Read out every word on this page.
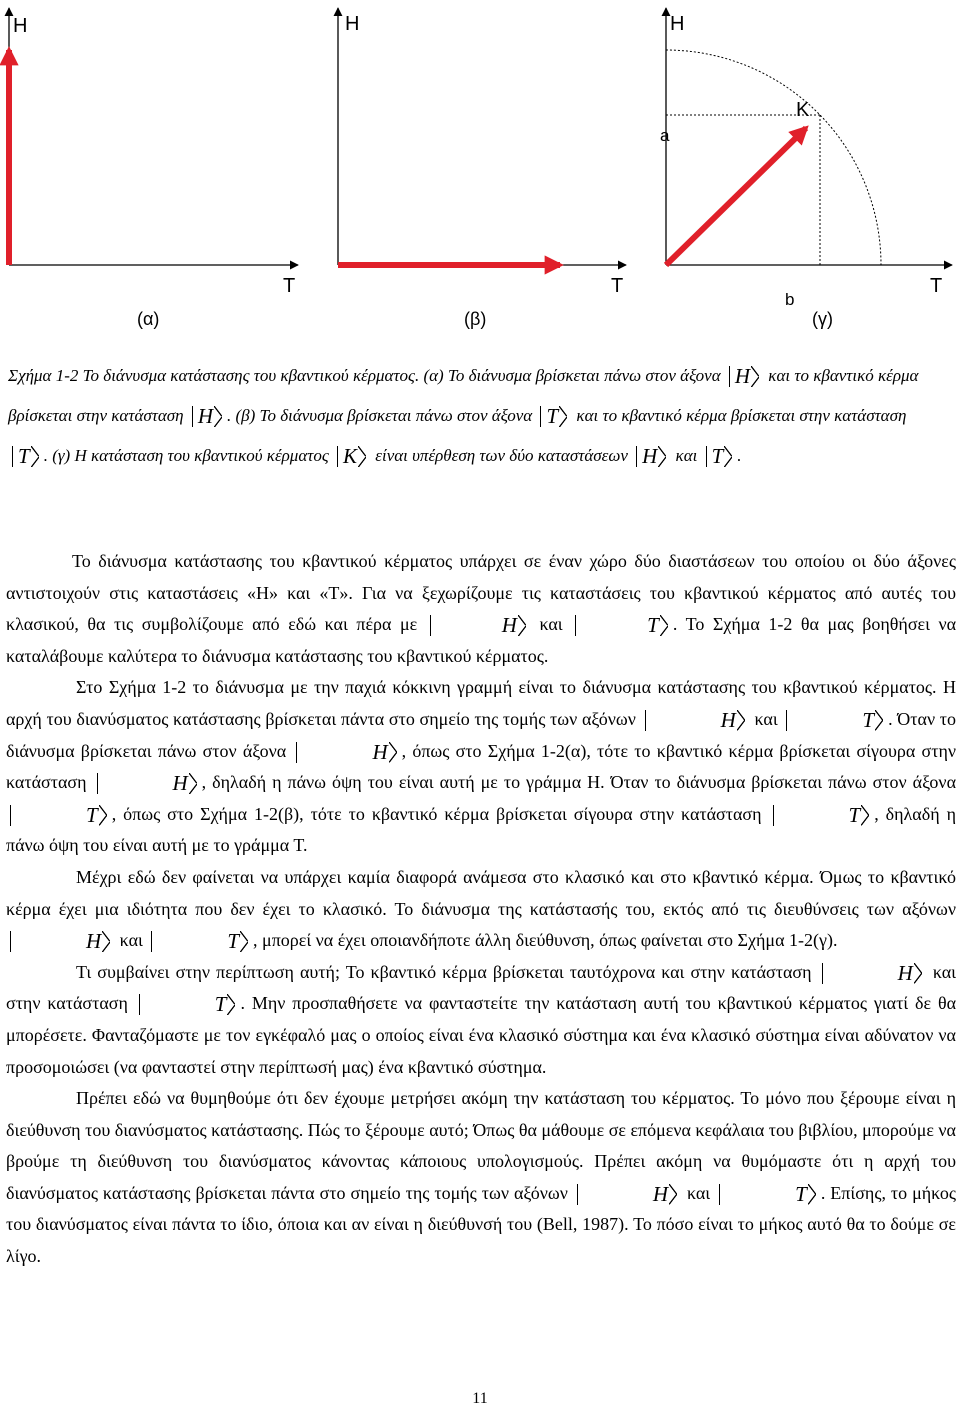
H
T
(α)
H
T
(β)
H
K
a
b
T
(γ)
Σχήμα 1-2 Το διάνυσμα κατάστασης του κβαντικού κέρματος. (α) Το διάνυσμα βρίσκεται πάνω στον άξονα H και το κβαντικό κέρμα βρίσκεται στην κατάσταση H . (β) Το διάνυσμα βρίσκεται πάνω στον άξονα T και το κβαντικό κέρμα βρίσκεται στην κατάσταση T . (γ) Η κατάσταση του κβαντικού κέρματος K είναι υπέρθεση των δύο καταστάσεων H και T .

Το διάνυσμα κατάστασης του κβαντικού κέρματος υπάρχει σε έναν χώρο δύο διαστάσεων του οποίου οι δύο άξονες αντιστοιχούν στις καταστάσεις «Η» και «Τ». Για να ξεχωρίζουμε τις καταστάσεις του κβαντικού κέρματος από αυτές του κλασικού, θα τις συμβολίζουμε από εδώ και πέρα με	H και	T . Το Σχήμα 1-2 θα μας βοηθήσει να καταλάβουμε καλύτερα το διάνυσμα κατάστασης του κβαντικού κέρματος.

Στο Σχήμα 1-2 το διάνυσμα με την παχιά κόκκινη γραμμή είναι το διάνυσμα κατάστασης του κβαντικού κέρματος. Η αρχή του διανύσματος κατάστασης βρίσκεται πάντα στο σημείο της τομής των αξόνων	H και	T . Όταν το διάνυσμα βρίσκεται πάνω στον άξονα	H , όπως στο Σχήμα 1-2(α), τότε το κβαντικό κέρμα βρίσκεται σίγουρα στην κατάσταση	H , δηλαδή η πάνω όψη του είναι αυτή με το γράμμα Η. Όταν το διάνυσμα βρίσκεται πάνω στον άξονα T , όπως στο Σχήμα 1-2(β), τότε το κβαντικό κέρμα βρίσκεται σίγουρα στην κατάσταση	T , δηλαδή η πάνω όψη του είναι αυτή με το γράμμα Τ.

Μέχρι εδώ δεν φαίνεται να υπάρχει καμία διαφορά ανάμεσα στο κλασικό και στο κβαντικό κέρμα. Όμως το κβαντικό κέρμα έχει μια ιδιότητα που δεν έχει το κλασικό. Το διάνυσμα της κατάστασής του, εκτός από τις διευθύνσεις των αξόνων H και	T , μπορεί να έχει οποιανδήποτε άλλη διεύθυνση, όπως φαίνεται στο Σχήμα 1-2(γ).

Τι συμβαίνει στην περίπτωση αυτή; Το κβαντικό κέρμα βρίσκεται ταυτόχρονα και στην κατάσταση	H και στην κατάσταση	T . Μην προσπαθήσετε να φανταστείτε την κατάσταση αυτή του κβαντικού κέρματος γιατί δε θα μπορέσετε. Φανταζόμαστε με τον εγκέφαλό μας ο οποίος είναι ένα κλασικό σύστημα και ένα κλασικό σύστημα είναι αδύνατον να προσομοιώσει (να φανταστεί στην περίπτωσή μας) ένα κβαντικό σύστημα.

Πρέπει εδώ να θυμηθούμε ότι δεν έχουμε μετρήσει ακόμη την κατάσταση του κέρματος. Το μόνο που ξέρουμε είναι η διεύθυνση του διανύσματος κατάστασης. Πώς το ξέρουμε αυτό; Όπως θα μάθουμε σε επόμενα κεφάλαια του βιβλίου, μπορούμε να βρούμε τη διεύθυνση του διανύσματος κάνοντας κάποιους υπολογισμούς. Πρέπει ακόμη να θυμόμαστε ότι η αρχή του διανύσματος κατάστασης βρίσκεται πάντα στο σημείο της τομής των αξόνων	H και	T . Επίσης, το μήκος του διανύσματος είναι πάντα το ίδιο, όποια και αν είναι η διεύθυνσή του (Bell, 1987). Το πόσο είναι το μήκος αυτό θα το δούμε σε λίγο.

11
